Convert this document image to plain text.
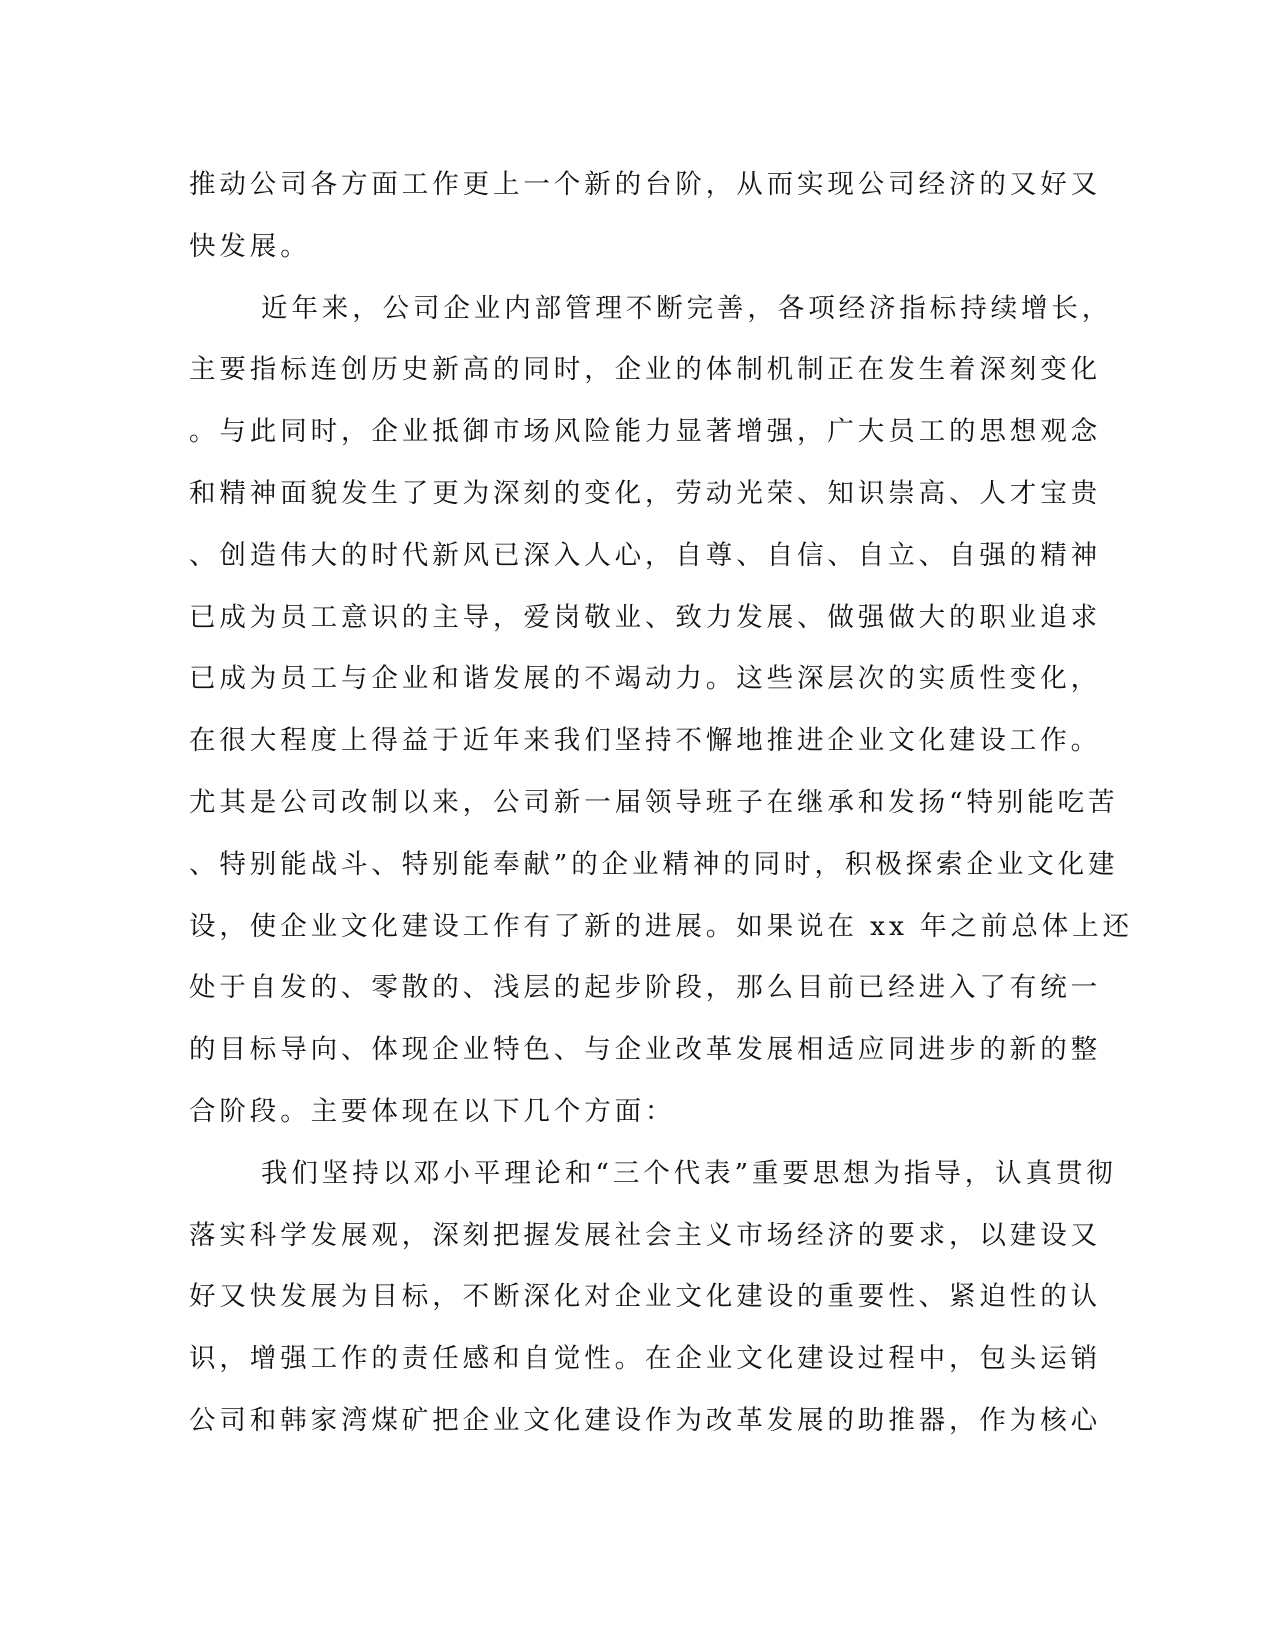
推动公司各方面工作更上一个新的台阶，从而实现公司经济的又好又
快发展。
近年来，公司企业内部管理不断完善，各项经济指标持续增长，
主要指标连创历史新高的同时，企业的体制机制正在发生着深刻变化
。与此同时，企业抵御市场风险能力显著增强，广大员工的思想观念
和精神面貌发生了更为深刻的变化，劳动光荣、知识崇高、人才宝贵
、创造伟大的时代新风已深入人心，自尊、自信、自立、自强的精神
已成为员工意识的主导，爱岗敬业、致力发展、做强做大的职业追求
已成为员工与企业和谐发展的不竭动力。这些深层次的实质性变化，
在很大程度上得益于近年来我们坚持不懈地推进企业文化建设工作。
尤其是公司改制以来，公司新一届领导班子在继承和发扬“特别能吃苦
、特别能战斗、特别能奉献”的企业精神的同时，积极探索企业文化建
设，使企业文化建设工作有了新的进展。如果说在 xx 年之前总体上还
处于自发的、零散的、浅层的起步阶段，那么目前已经进入了有统一
的目标导向、体现企业特色、与企业改革发展相适应同进步的新的整
合阶段。主要体现在以下几个方面：
我们坚持以邓小平理论和“三个代表”重要思想为指导，认真贯彻
落实科学发展观，深刻把握发展社会主义市场经济的要求，以建设又
好又快发展为目标，不断深化对企业文化建设的重要性、紧迫性的认
识，增强工作的责任感和自觉性。在企业文化建设过程中，包头运销
公司和韩家湾煤矿把企业文化建设作为改革发展的助推器，作为核心
